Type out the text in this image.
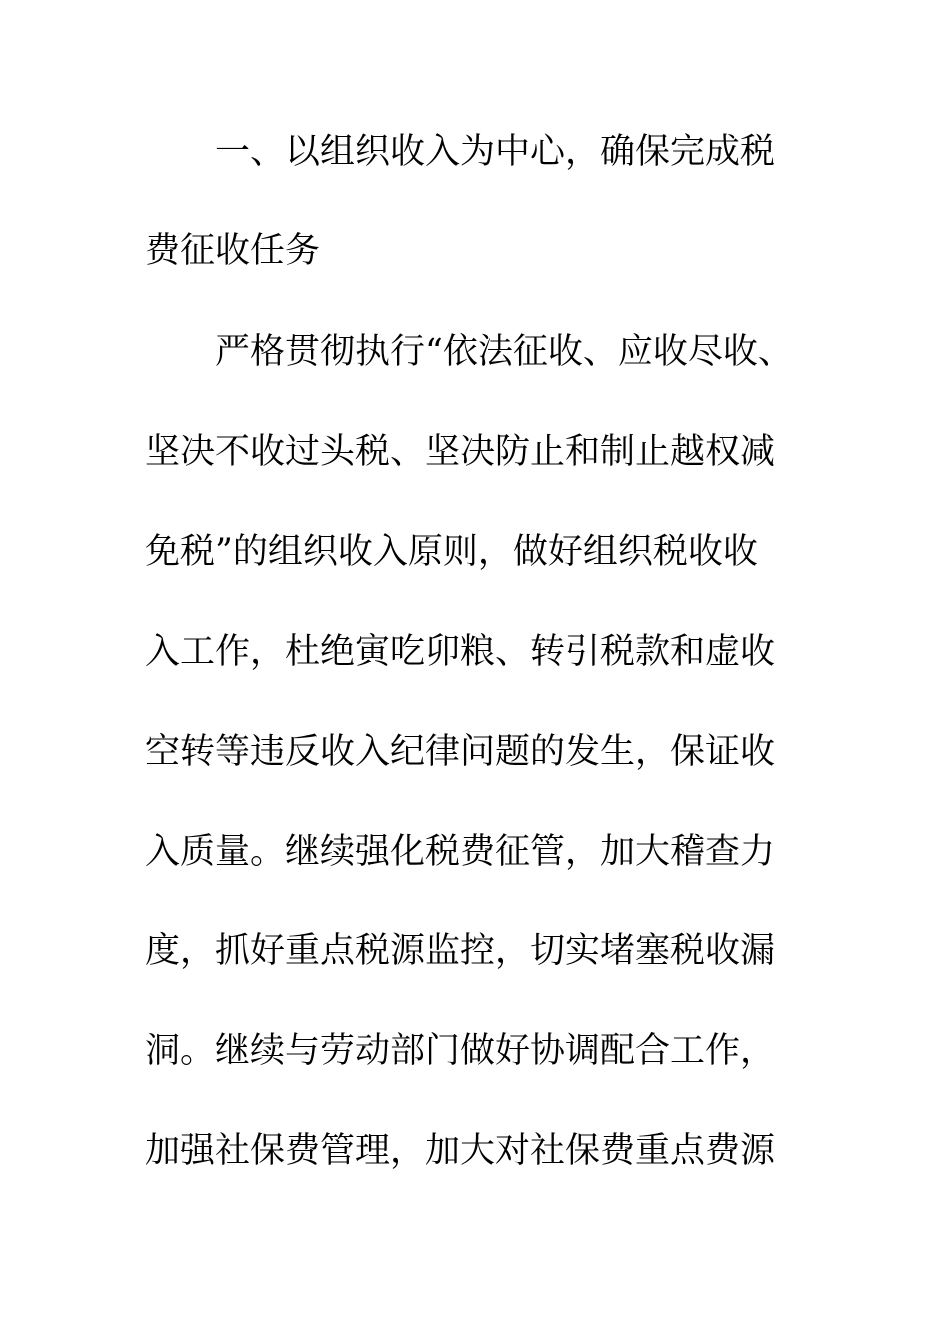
一、以组织收入为中心，确保完成税
费征收任务
严格贯彻执行“依法征收、应收尽收、
坚决不收过头税、坚决防止和制止越权减
免税”的组织收入原则，做好组织税收收
入工作，杜绝寅吃卯粮、转引税款和虚收
空转等违反收入纪律问题的发生，保证收
入质量。继续强化税费征管，加大稽查力
度，抓好重点税源监控，切实堵塞税收漏
洞。继续与劳动部门做好协调配合工作，
加强社保费管理，加大对社保费重点费源
